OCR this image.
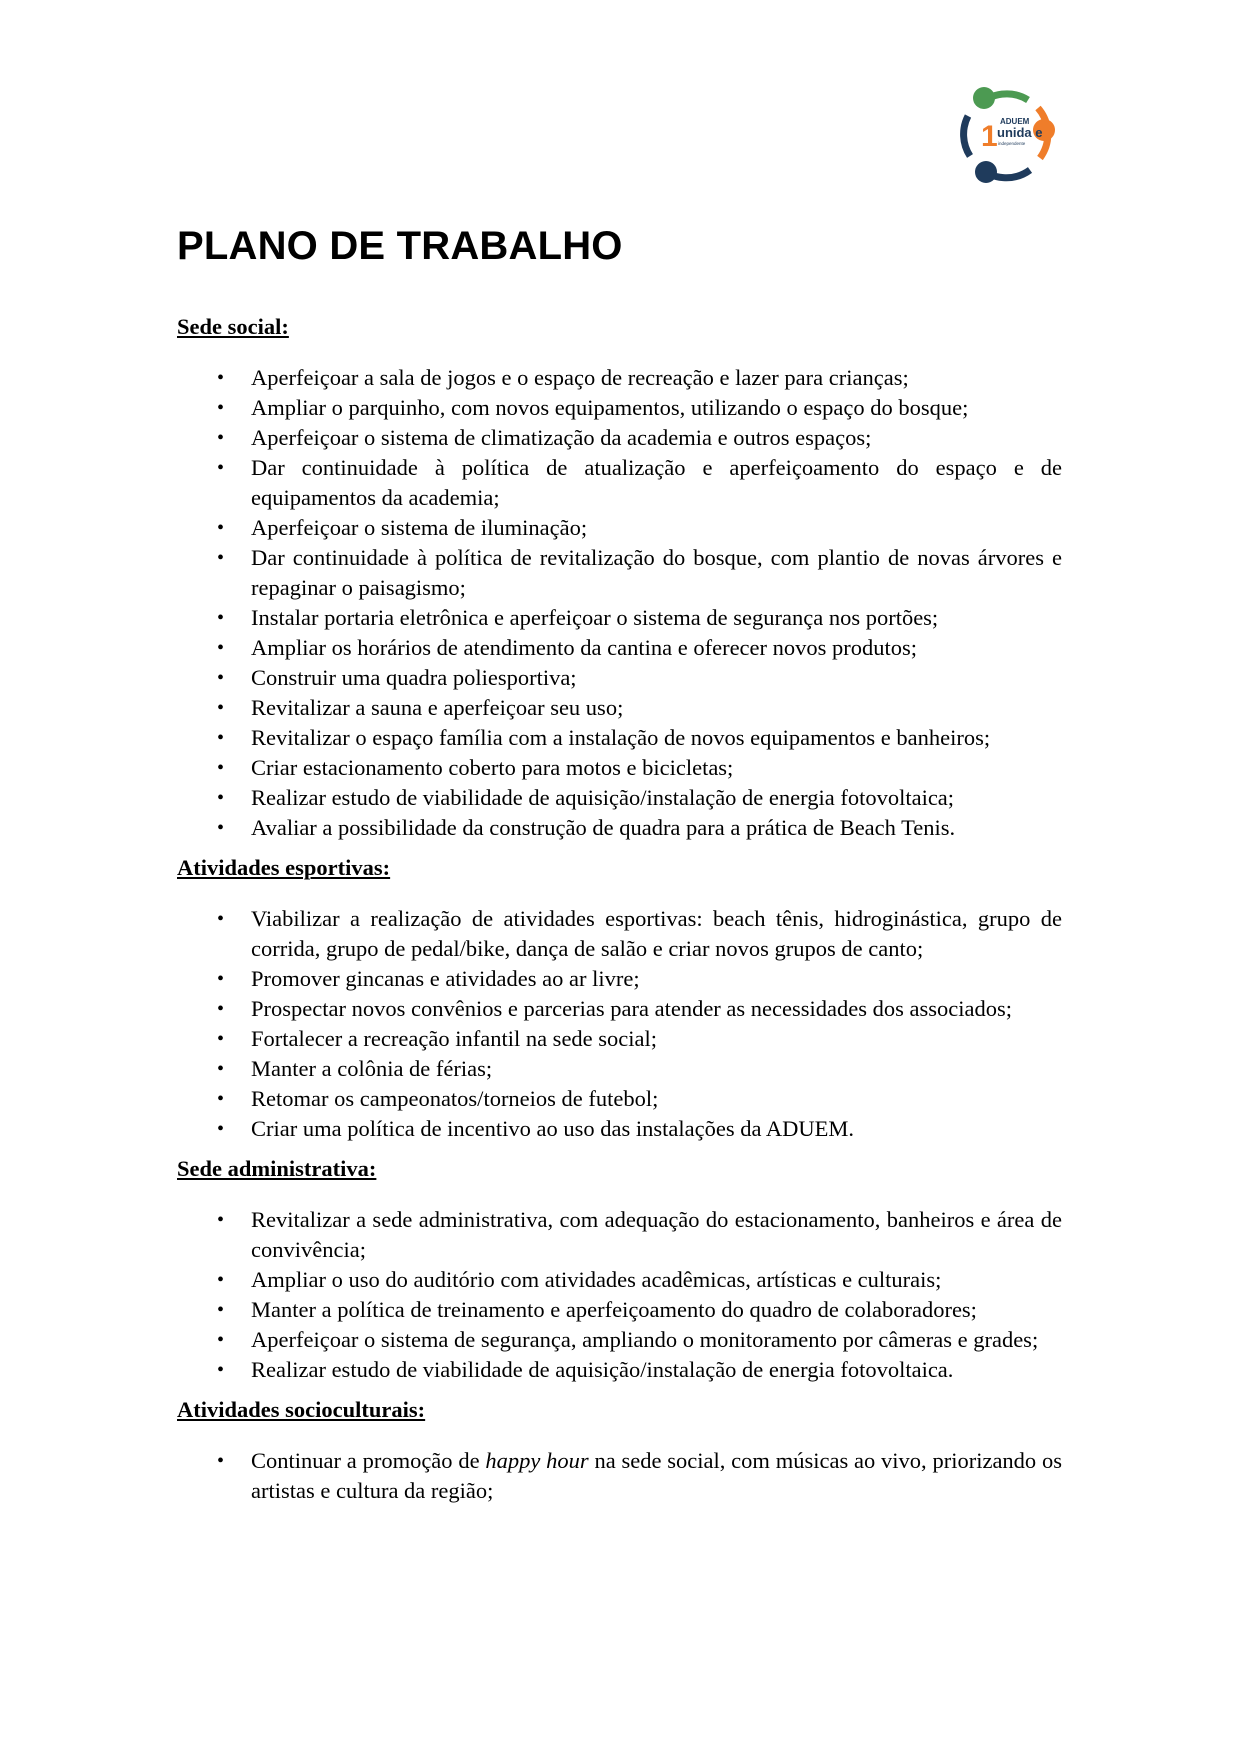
1 ADUEM
unida e
independente
PLANO DE TRABALHO
Sede social:
• Aperfeiçoar a sala de jogos e o espaço de recreação e lazer para crianças;
• Ampliar o parquinho, com novos equipamentos, utilizando o espaço do bosque;
• Aperfeiçoar o sistema de climatização da academia e outros espaços;
• Dar continuidade à política de atualização e aperfeiçoamento do espaço e de equipamentos da academia;
• Aperfeiçoar o sistema de iluminação;
• Dar continuidade à política de revitalização do bosque, com plantio de novas árvores e repaginar o paisagismo;
• Instalar portaria eletrônica e aperfeiçoar o sistema de segurança nos portões;
• Ampliar os horários de atendimento da cantina e oferecer novos produtos;
• Construir uma quadra poliesportiva;
• Revitalizar a sauna e aperfeiçoar seu uso;
• Revitalizar o espaço família com a instalação de novos equipamentos e banheiros;
• Criar estacionamento coberto para motos e bicicletas;
• Realizar estudo de viabilidade de aquisição/instalação de energia fotovoltaica;
• Avaliar a possibilidade da construção de quadra para a prática de Beach Tenis.
Atividades esportivas:
• Viabilizar a realização de atividades esportivas: beach tênis, hidroginástica, grupo de corrida, grupo de pedal/bike, dança de salão e criar novos grupos de canto;
• Promover gincanas e atividades ao ar livre;
• Prospectar novos convênios e parcerias para atender as necessidades dos associados;
• Fortalecer a recreação infantil na sede social;
• Manter a colônia de férias;
• Retomar os campeonatos/torneios de futebol;
• Criar uma política de incentivo ao uso das instalações da ADUEM.
Sede administrativa:
• Revitalizar a sede administrativa, com adequação do estacionamento, banheiros e área de convivência;
• Ampliar o uso do auditório com atividades acadêmicas, artísticas e culturais;
• Manter a política de treinamento e aperfeiçoamento do quadro de colaboradores;
• Aperfeiçoar o sistema de segurança, ampliando o monitoramento por câmeras e grades;
• Realizar estudo de viabilidade de aquisição/instalação de energia fotovoltaica.
Atividades socioculturais:
• Continuar a promoção de happy hour na sede social, com músicas ao vivo, priorizando os artistas e cultura da região;
